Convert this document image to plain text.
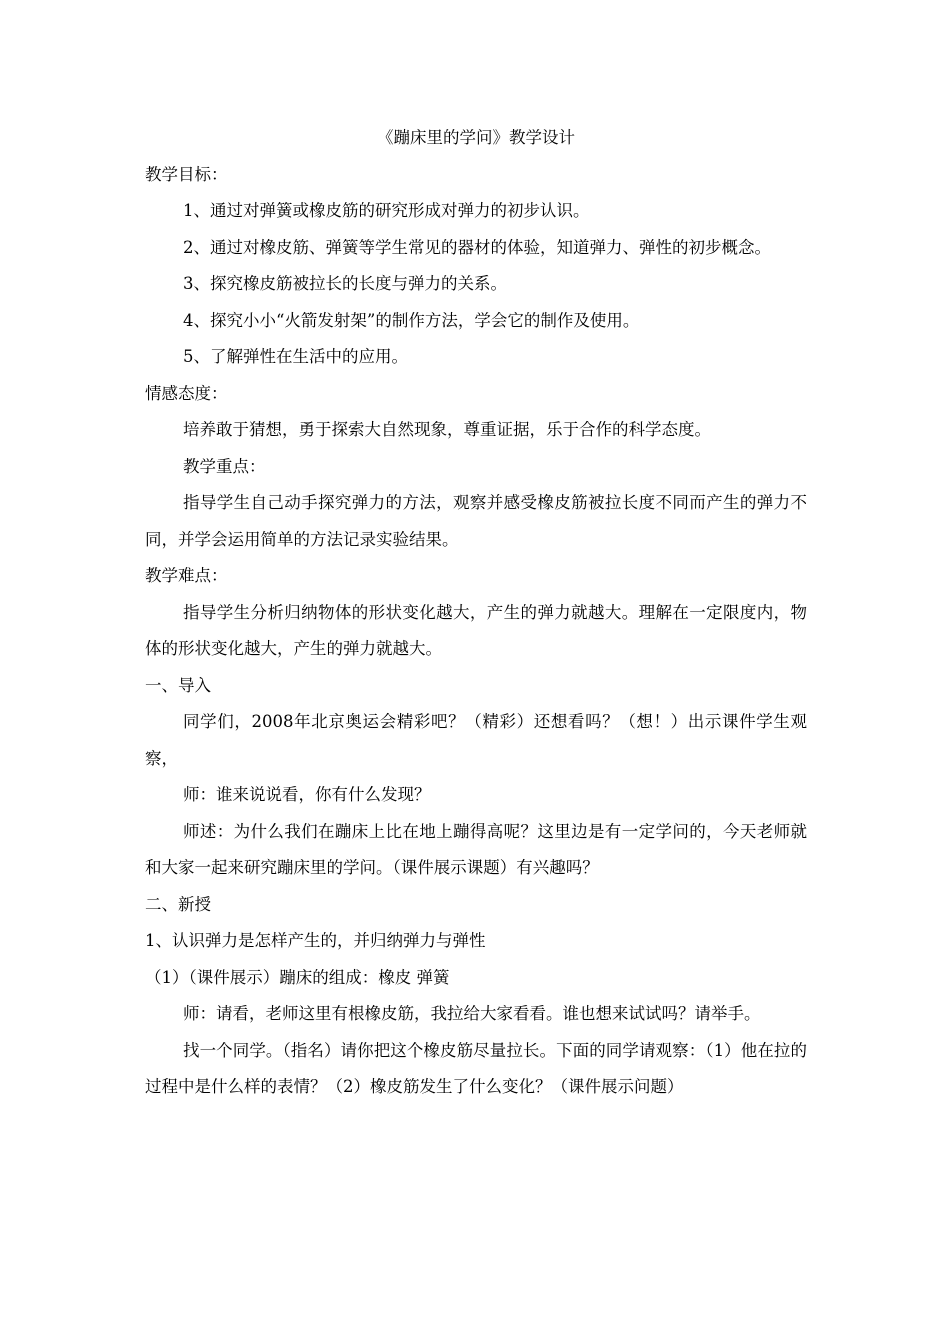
《蹦床里的学问》教学设计

教学目标：

1、通过对弹簧或橡皮筋的研究形成对弹力的初步认识。

2、通过对橡皮筋、弹簧等学生常见的器材的体验，知道弹力、弹性的初步概念。

3、探究橡皮筋被拉长的长度与弹力的关系。

4、探究小小“火箭发射架”的制作方法，学会它的制作及使用。

5、了解弹性在生活中的应用。

情感态度：

培养敢于猜想，勇于探索大自然现象，尊重证据，乐于合作的科学态度。

教学重点：

指导学生自己动手探究弹力的方法，观察并感受橡皮筋被拉长度不同而产生的弹力不同，并学会运用简单的方法记录实验结果。

教学难点：

指导学生分析归纳物体的形状变化越大，产生的弹力就越大。理解在一定限度内，物体的形状变化越大，产生的弹力就越大。

一、导入

同学们，2008年北京奥运会精彩吧？（精彩）还想看吗？（想！）出示课件学生观察，

师：谁来说说看，你有什么发现？

师述：为什么我们在蹦床上比在地上蹦得高呢？这里边是有一定学问的，今天老师就和大家一起来研究蹦床里的学问。（课件展示课题）有兴趣吗？

二、新授

1、认识弹力是怎样产生的，并归纳弹力与弹性

（1）（课件展示）蹦床的组成：橡皮 弹簧

师：请看，老师这里有根橡皮筋，我拉给大家看看。谁也想来试试吗？请举手。

找一个同学。（指名）请你把这个橡皮筋尽量拉长。下面的同学请观察：（1）他在拉的过程中是什么样的表情？（2）橡皮筋发生了什么变化？（课件展示问题）
